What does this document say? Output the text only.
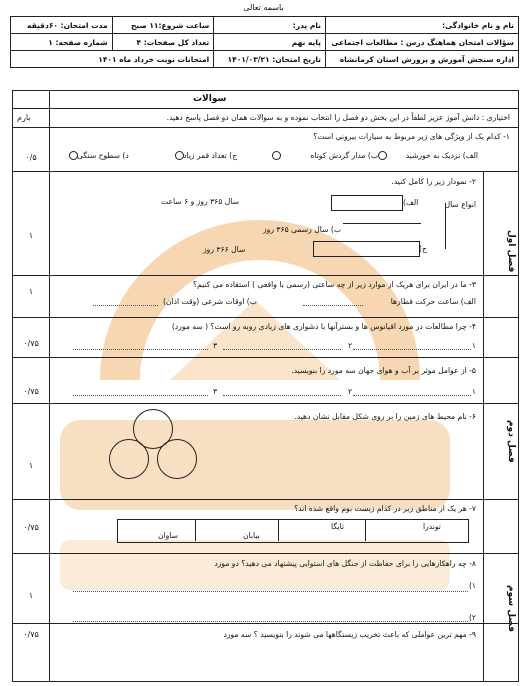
باسمه تعالی
نام و نام خانوادگی:	نام پدر:	ساعت شروع:۱۱ صبح	مدت امتحان: ۶۰دقیقه
سؤالات امتحان هماهنگ درس : مطالعات اجتماعی	پایه نهم	تعداد کل صفحات: ۴	شماره صفحه: ۱
اداره سنجش آموزش و پرورش استان کرمانشاه	تاریخ امتحان: ۱۴۰۱/۰۳/۲۱	امتحانات نوبت خرداد ماه ۱۴۰۱	
سوالات
بارم	اختیاری : دانش آموز عزیز لطفاً در این بخش دو فصل را انتخاب نموده و به سوالات همان دو فصل پاسخ دهید.
۱- کدام یک از ویژگی های زیر مربوط به سیارات بیرونی است؟
الف) نزدیک به خورشید
ب) مدار گردش کوتاه
ج) تعداد قمر زیاد
د) سطوح سنگی
۰/۵
فصل اول
۲- نمودار زیر را کامل کنید.
انواع سال
الف)
سال ۳۶۵ روز و ۶ ساعت
ب) سال رسمی ۳۶۵ روز
ج)
سال ۳۶۶ روز
۱
۳- ما در ایران برای هریک از موارد زیر از چه ساعتی (رسمی یا واقعی ) استفاده می کنیم؟
الف) ساعت حرکت قطارها
ب) اوقات شرعی (وقت اذان)
۱
۴- چرا مطالعات در مورد اقیانوس ها و بسترآنها با دشواری های زیادی روبه رو است؟ ( سه مورد)
۱
۲
۳
۰/۷۵
فصل دوم
۵- از عوامل موثر بر آب و هوای جهان سه مورد را بنویسید.
۱
۲
۳
۰/۷۵
۶- نام محیط های زمین را بر روی شکل مقابل نشان دهید.
۱
۷- هر یک از مناطق زیر در کدام زیست بوم واقع شده اند؟
توندرا
تایگا
بیابان
ساوان
۰/۷۵
فصل سوم
۸- چه راهکارهایی را برای حفاظت از جنگل های استوایی پیشنهاد می دهید؟ دو مورد
۱)
۲)
۱
۹- مهم ترین عواملی که باعث تخریب زیستگاهها می شوند را بنویسید ؟ سه مورد
۰/۷۵
